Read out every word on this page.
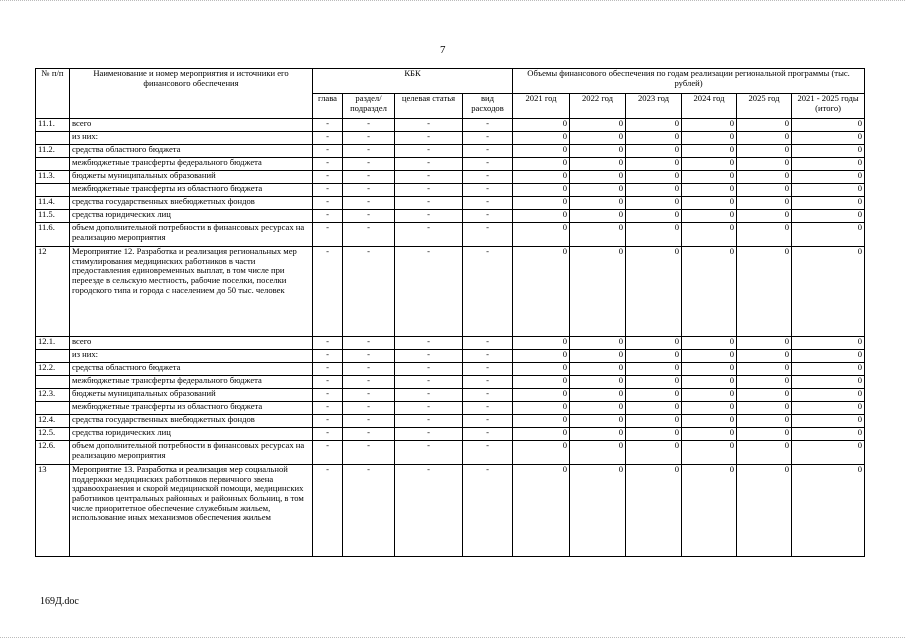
7
№ п/п	Наименование и номер мероприятия и источники его финансового обеспечения	КБК				Объемы финансового обеспечения по годам реализации региональной программы (тыс. рублей)					
		глава	раздел/ подраздел	целевая статья	вид расходов	2021 год	2022 год	2023 год	2024 год	2025 год	2021 - 2025 годы (итого)
11.1.	всего	-	-	-	-	0	0	0	0	0	0
	из них:	-	-	-	-	0	0	0	0	0	0
11.2.	средства областного бюджета	-	-	-	-	0	0	0	0	0	0
	межбюджетные трансферты федерального бюджета	-	-	-	-	0	0	0	0	0	0
11.3.	бюджеты муниципальных образований	-	-	-	-	0	0	0	0	0	0
	межбюджетные трансферты из областного бюджета	-	-	-	-	0	0	0	0	0	0
11.4.	средства государственных внебюджетных фондов	-	-	-	-	0	0	0	0	0	0
11.5.	средства юридических лиц	-	-	-	-	0	0	0	0	0	0
11.6.	объем дополнительной потребности в финансовых ресурсах на реализацию мероприятия	-	-	-	-	0	0	0	0	0	0
12	Мероприятие 12. Разработка и реализация региональных мер стимулирования медицинских работников в части предоставления единовременных выплат, в том числе при переезде в сельскую местность, рабочие поселки, поселки городского типа и города с населением до 50 тыс. человек	-	-	-	-	0	0	0	0	0	0
12.1.	всего	-	-	-	-	0	0	0	0	0	0
	из них:	-	-	-	-	0	0	0	0	0	0
12.2.	средства областного бюджета	-	-	-	-	0	0	0	0	0	0
	межбюджетные трансферты федерального бюджета	-	-	-	-	0	0	0	0	0	0
12.3.	бюджеты муниципальных образований	-	-	-	-	0	0	0	0	0	0
	межбюджетные трансферты из областного бюджета	-	-	-	-	0	0	0	0	0	0
12.4.	средства государственных внебюджетных фондов	-	-	-	-	0	0	0	0	0	0
12.5.	средства юридических лиц	-	-	-	-	0	0	0	0	0	0
12.6.	объем дополнительной потребности в финансовых ресурсах на реализацию мероприятия	-	-	-	-	0	0	0	0	0	0
13	Мероприятие 13. Разработка и реализация мер социальной поддержки медицинских работников первичного звена здравоохранения и скорой медицинской помощи, медицинских работников центральных районных и районных больниц, в том числе приоритетное обеспечение служебным жильем, использование иных механизмов обеспечения жильем	-	-	-	-	0	0	0	0	0	0
169Д.doc
